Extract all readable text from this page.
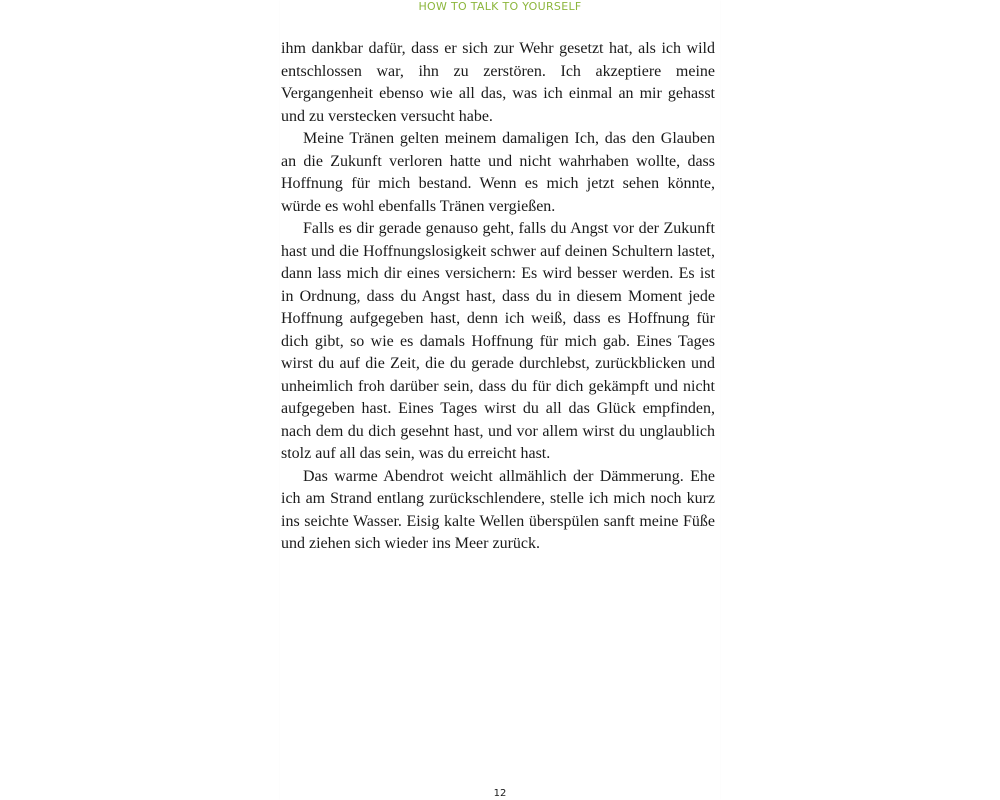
HOW TO TALK TO YOURSELF

ihm dankbar dafür, dass er sich zur Wehr gesetzt hat, als ich wild entschlossen war, ihn zu zerstören. Ich akzeptiere meine Vergangenheit ebenso wie all das, was ich einmal an mir gehasst und zu verstecken versucht habe.

Meine Tränen gelten meinem damaligen Ich, das den Glauben an die Zukunft verloren hatte und nicht wahrhaben wollte, dass Hoffnung für mich bestand. Wenn es mich jetzt sehen könnte, würde es wohl ebenfalls Tränen vergießen.

Falls es dir gerade genauso geht, falls du Angst vor der Zukunft hast und die Hoffnungslosigkeit schwer auf deinen Schultern lastet, dann lass mich dir eines versichern: Es wird besser werden. Es ist in Ordnung, dass du Angst hast, dass du in diesem Moment jede Hoffnung aufgegeben hast, denn ich weiß, dass es Hoffnung für dich gibt, so wie es damals Hoffnung für mich gab. Eines Tages wirst du auf die Zeit, die du gerade durchlebst, zurückblicken und unheimlich froh darüber sein, dass du für dich gekämpft und nicht aufgegeben hast. Eines Tages wirst du all das Glück empfinden, nach dem du dich gesehnt hast, und vor allem wirst du unglaublich stolz auf all das sein, was du erreicht hast.

Das warme Abendrot weicht allmählich der Dämmerung. Ehe ich am Strand entlang zurückschlendere, stelle ich mich noch kurz ins seichte Wasser. Eisig kalte Wellen überspülen sanft meine Füße und ziehen sich wieder ins Meer zurück.

12
